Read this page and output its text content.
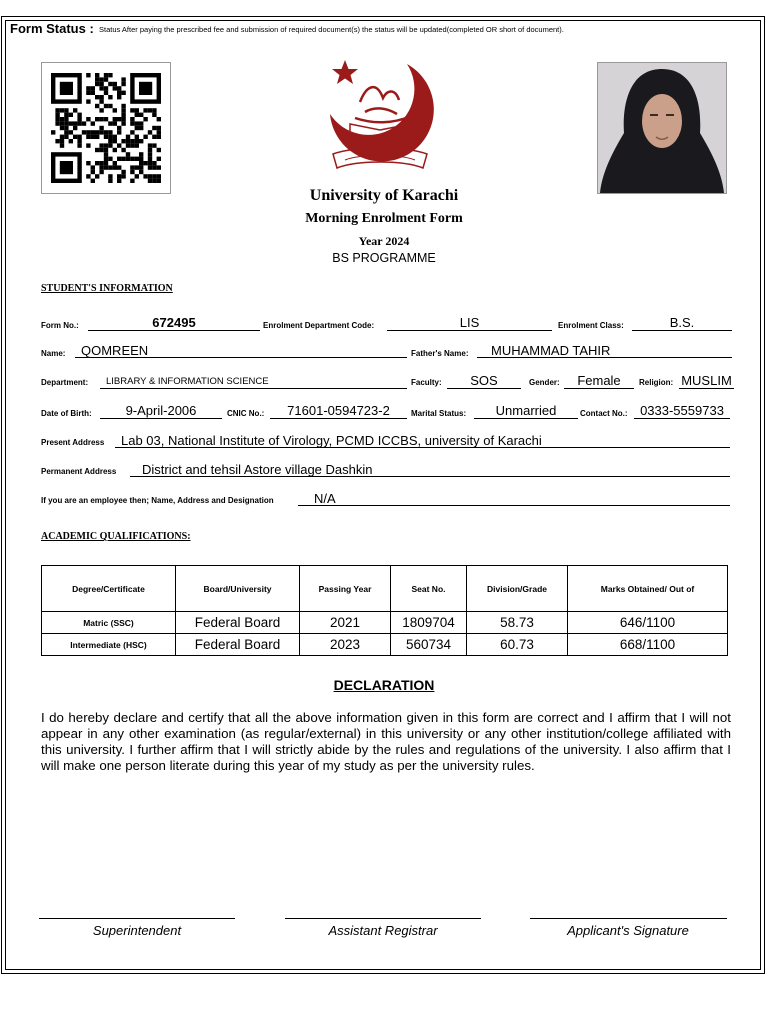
Form Status : Status After paying the prescribed fee and submission of required document(s) the status will be updated(completed OR short of document).
University of Karachi
Morning Enrolment Form
Year 2024
BS PROGRAMME
STUDENT'S INFORMATION
Form No.:	672495	Enrolment Department Code:	LIS	Enrolment Class:	B.S.
Name:	QOMREEN	Father's Name:	MUHAMMAD TAHIR
Department:	LIBRARY & INFORMATION SCIENCE	Faculty:	SOS	Gender:	Female	Religion: MUSLIM
Date of Birth:	9-April-2006	CNIC No.:	71601-0594723-2	Marital Status:	Unmarried	Contact No.: 0333-5559733
Present Address	Lab 03, National Institute of Virology, PCMD ICCBS, university of Karachi
Permanent Address	District and tehsil Astore village Dashkin
If you are an employee then; Name, Address and Designation	N/A
ACADEMIC QUALIFICATIONS:
Degree/Certificate	Board/University	Passing Year	Seat No.	Division/Grade	Marks Obtained/ Out of
Matric (SSC)	Federal Board	2021	1809704	58.73	646/1100
Intermediate (HSC)	Federal Board	2023	560734	60.73	668/1100
DECLARATION
I do hereby declare and certify that all the above information given in this form are correct and I affirm that I will not appear in any other examination (as regular/external) in this university or any other institution/college affiliated with this university. I further affirm that I will strictly abide by the rules and regulations of the university. I also affirm that I will make one person literate during this year of my study as per the university rules.
Superintendent	Assistant Registrar	Applicant's Signature
